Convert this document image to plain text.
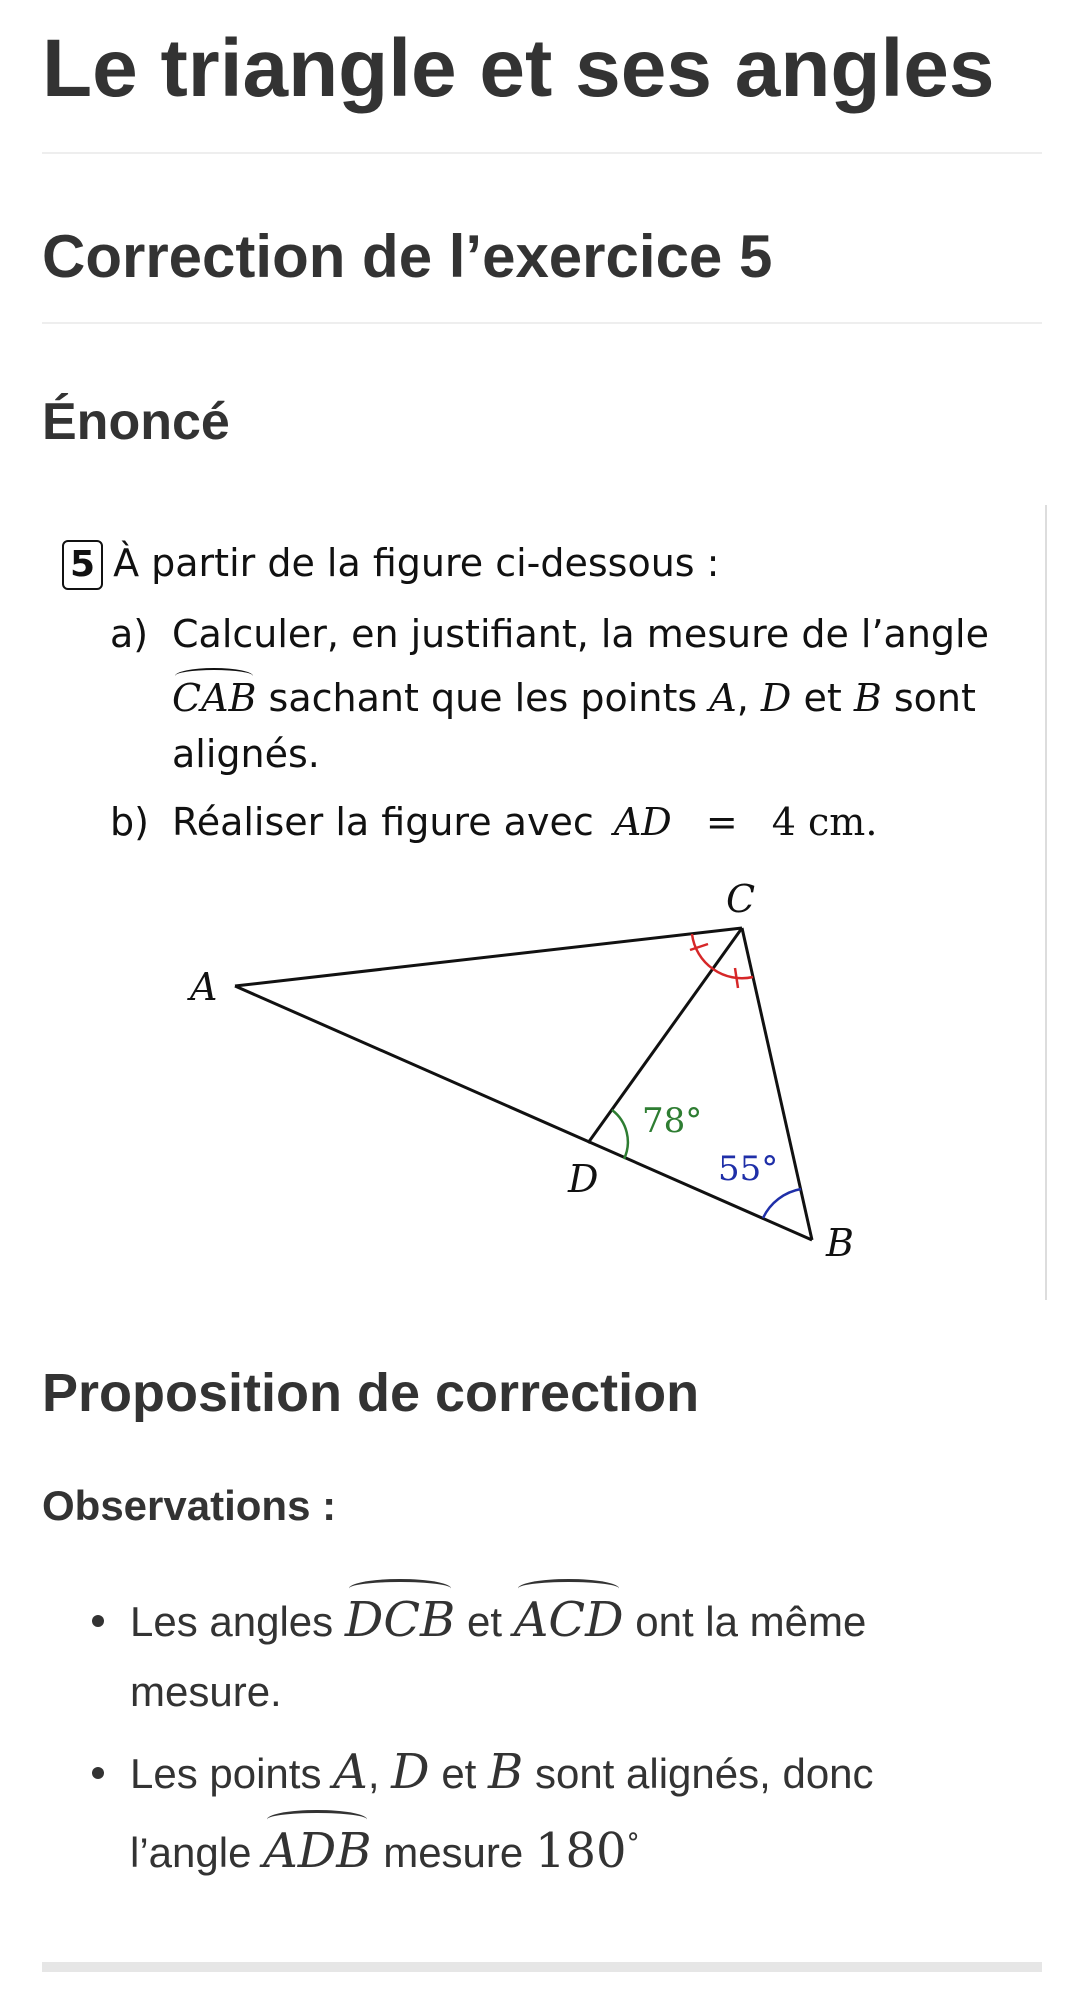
Le triangle et ses angles
Correction de l’exercice 5
Énoncé
5 À partir de la figure ci-dessous :
a) Calculer, en justifiant, la mesure de l’angle
CAB sachant que les points A, D et B sont
alignés.
b) Réaliser la figure avec AD = 4 cm.
A
C
D
B
78°
55°
Proposition de correction
Observations :
Les angles DCB et ACD ont la même
mesure.
Les points A, D et B sont alignés, donc
l’angle ADB mesure 180°
